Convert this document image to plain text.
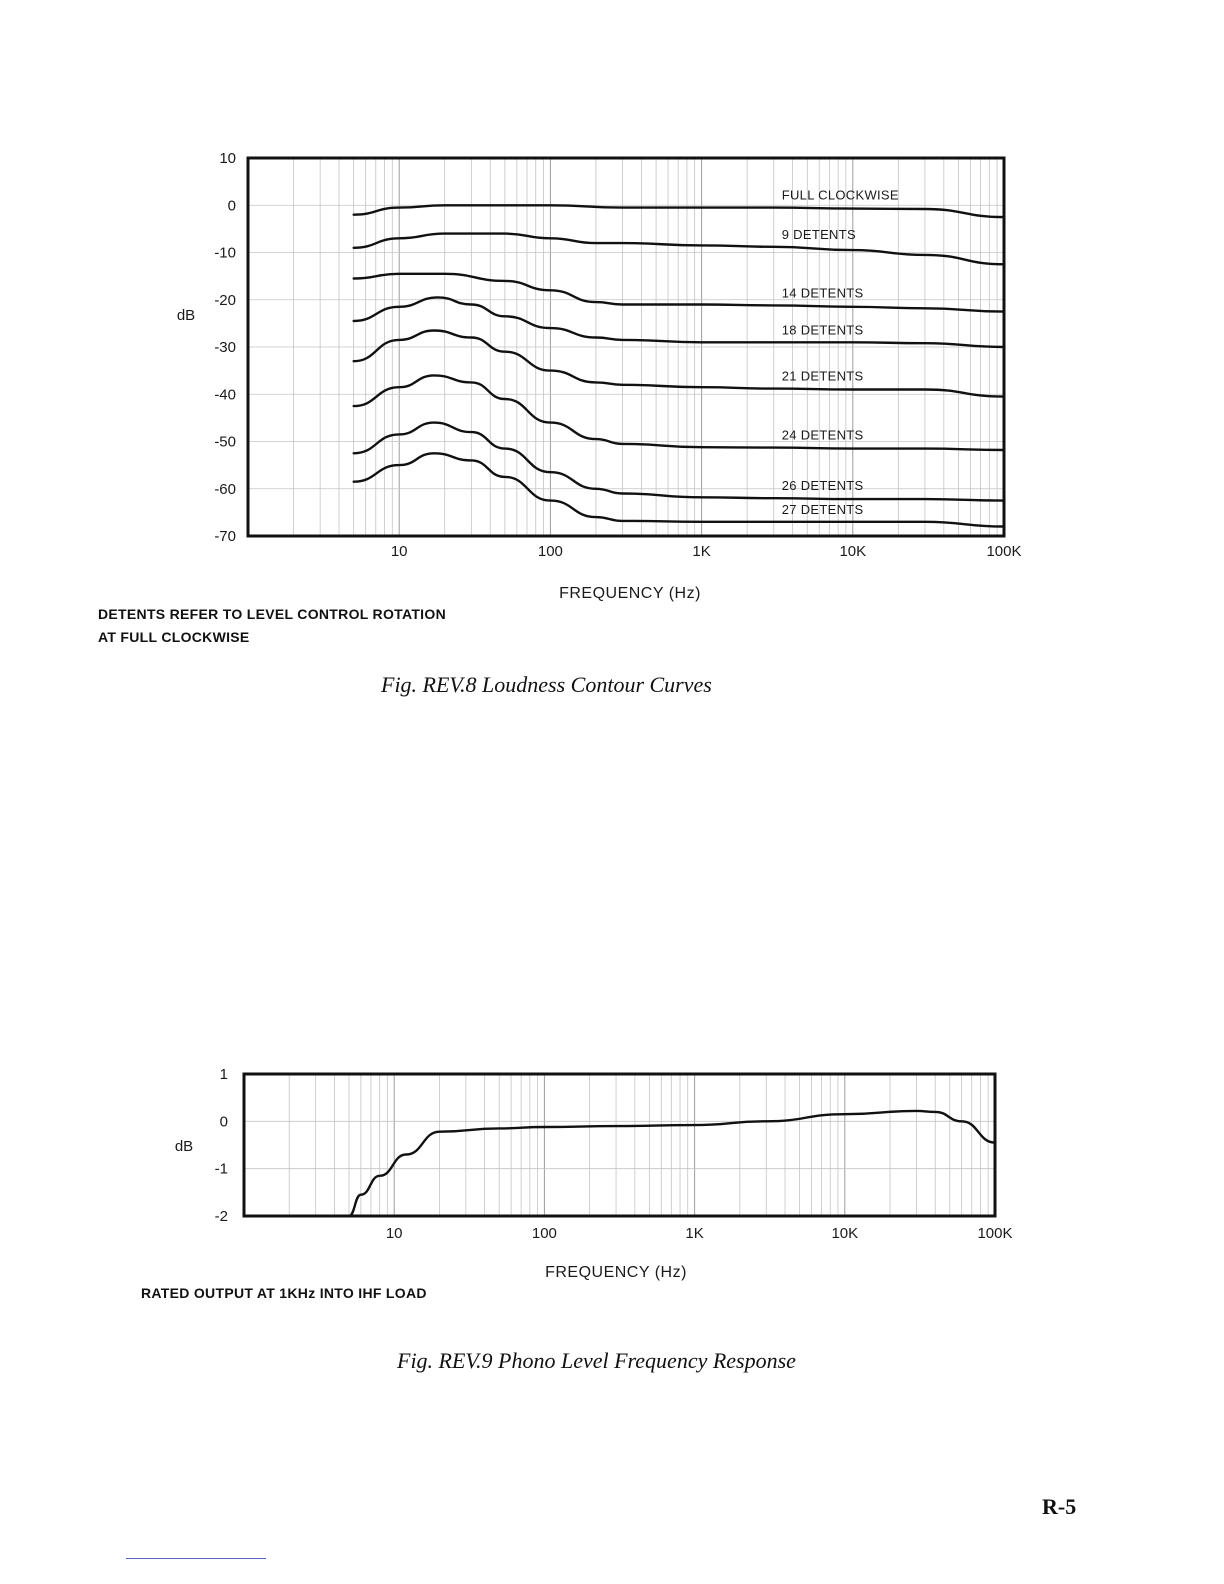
10
0
-10
-20
-30
-40
-50
-60
-70
10	100	1K	10K	100K
dB
FREQUENCY (Hz)
FULL CLOCKWISE
9 DETENTS
14 DETENTS
18 DETENTS
21 DETENTS
24 DETENTS
26 DETENTS
27 DETENTS
1
0
-1
-2
10	100	1K	10K	100K
dB
FREQUENCY (Hz)
DETENTS REFER TO LEVEL CONTROL ROTATION
AT FULL CLOCKWISE
Fig. REV.8 Loudness Contour Curves
RATED OUTPUT AT 1KHz INTO IHF LOAD
Fig. REV.9 Phono Level Frequency Response
R-5
